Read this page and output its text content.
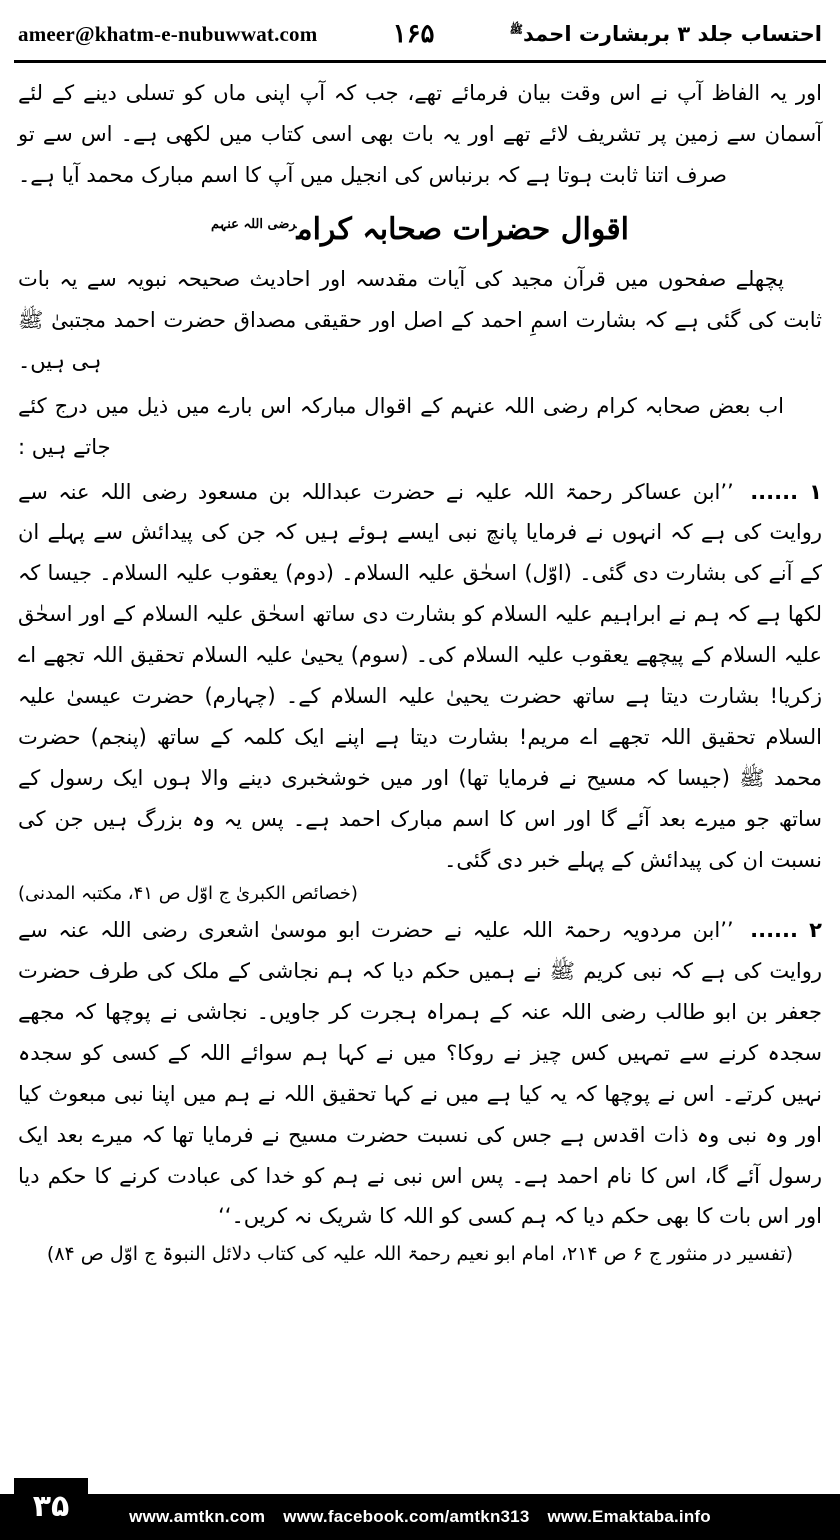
ameer@khatm-e-nubuwwat.com	۱۶۵	احتساب جلد ۳ بربشارت احمد$^ﷺ$

اور یہ الفاظ آپ نے اس وقت بیان فرمائے تھے، جب کہ آپ اپنی ماں کو تسلی دینے کے لئے آسمان سے زمین پر تشریف لائے تھے اور یہ بات بھی اسی کتاب میں لکھی ہے۔ اس سے تو صرف اتنا ثابت ہوتا ہے کہ برنباس کی انجیل میں آپ کا اسم مبارک محمد آیا ہے۔

اقوال حضرات صحابہ کرام$^{رضی اللہ عنہم}$

پچھلے صفحوں میں قرآن مجید کی آیات مقدسہ اور احادیث صحیحہ نبویہ سے یہ بات ثابت کی گئی ہے کہ بشارت اسمِ احمد کے اصل اور حقیقی مصداق حضرت احمد مجتبیٰ ﷺ ہی ہیں۔

اب بعض صحابہ کرام رضی اللہ عنہم کے اقوال مبارکہ اس بارے میں ذیل میں درج کئے جاتے ہیں :

۱ ...... ’’ابن عساکر رحمۃ اللہ علیہ نے حضرت عبداللہ بن مسعود رضی اللہ عنہ سے روایت کی ہے کہ انہوں نے فرمایا پانچ نبی ایسے ہوئے ہیں کہ جن کی پیدائش سے پہلے ان کے آنے کی بشارت دی گئی۔ (اوّل) اسحٰق علیہ السلام۔ (دوم) یعقوب علیہ السلام۔ جیسا کہ لکھا ہے کہ ہم نے ابراہیم علیہ السلام کو بشارت دی ساتھ اسحٰق علیہ السلام کے اور اسحٰق علیہ السلام کے پیچھے یعقوب علیہ السلام کی۔ (سوم) یحییٰ علیہ السلام تحقیق اللہ تجھے اے زکریا! بشارت دیتا ہے ساتھ حضرت یحییٰ علیہ السلام کے۔ (چہارم) حضرت عیسیٰ علیہ السلام تحقیق اللہ تجھے اے مریم! بشارت دیتا ہے اپنے ایک کلمہ کے ساتھ (پنجم) حضرت محمد ﷺ (جیسا کہ مسیح نے فرمایا تھا) اور میں خوشخبری دینے والا ہوں ایک رسول کے ساتھ جو میرے بعد آئے گا اور اس کا اسم مبارک احمد ہے۔ پس یہ وہ بزرگ ہیں جن کی نسبت ان کی پیدائش کے پہلے خبر دی گئی۔
(خصائص الکبریٰ ج اوّل ص ۴۱، مکتبہ المدنی)
۲ ...... ’’ابن مردویہ رحمۃ اللہ علیہ نے حضرت ابو موسیٰ اشعری رضی اللہ عنہ سے روایت کی ہے کہ نبی کریم ﷺ نے ہمیں حکم دیا کہ ہم نجاشی کے ملک کی طرف حضرت جعفر بن ابو طالب رضی اللہ عنہ کے ہمراہ ہجرت کر جاویں۔ نجاشی نے پوچھا کہ مجھے سجدہ کرنے سے تمہیں کس چیز نے روکا؟ میں نے کہا ہم سوائے اللہ کے کسی کو سجدہ نہیں کرتے۔ اس نے پوچھا کہ یہ کیا ہے میں نے کہا تحقیق اللہ نے ہم میں اپنا نبی مبعوث کیا اور وہ نبی وہ ذات اقدس ہے جس کی نسبت حضرت مسیح نے فرمایا تھا کہ میرے بعد ایک رسول آئے گا، اس کا نام احمد ہے۔ پس اس نبی نے ہم کو خدا کی عبادت کرنے کا حکم دیا اور اس بات کا بھی حکم دیا کہ ہم کسی کو اللہ کا شریک نہ کریں۔‘‘
(تفسیر در منثور ج ۶ ص ۲۱۴، امام ابو نعیم رحمۃ اللہ علیہ کی کتاب دلائل النبوۃ ج اوّل ص ۸۴)
www.amtkn.com www.facebook.com/amtkn313 www.Emaktaba.info
۳۵
